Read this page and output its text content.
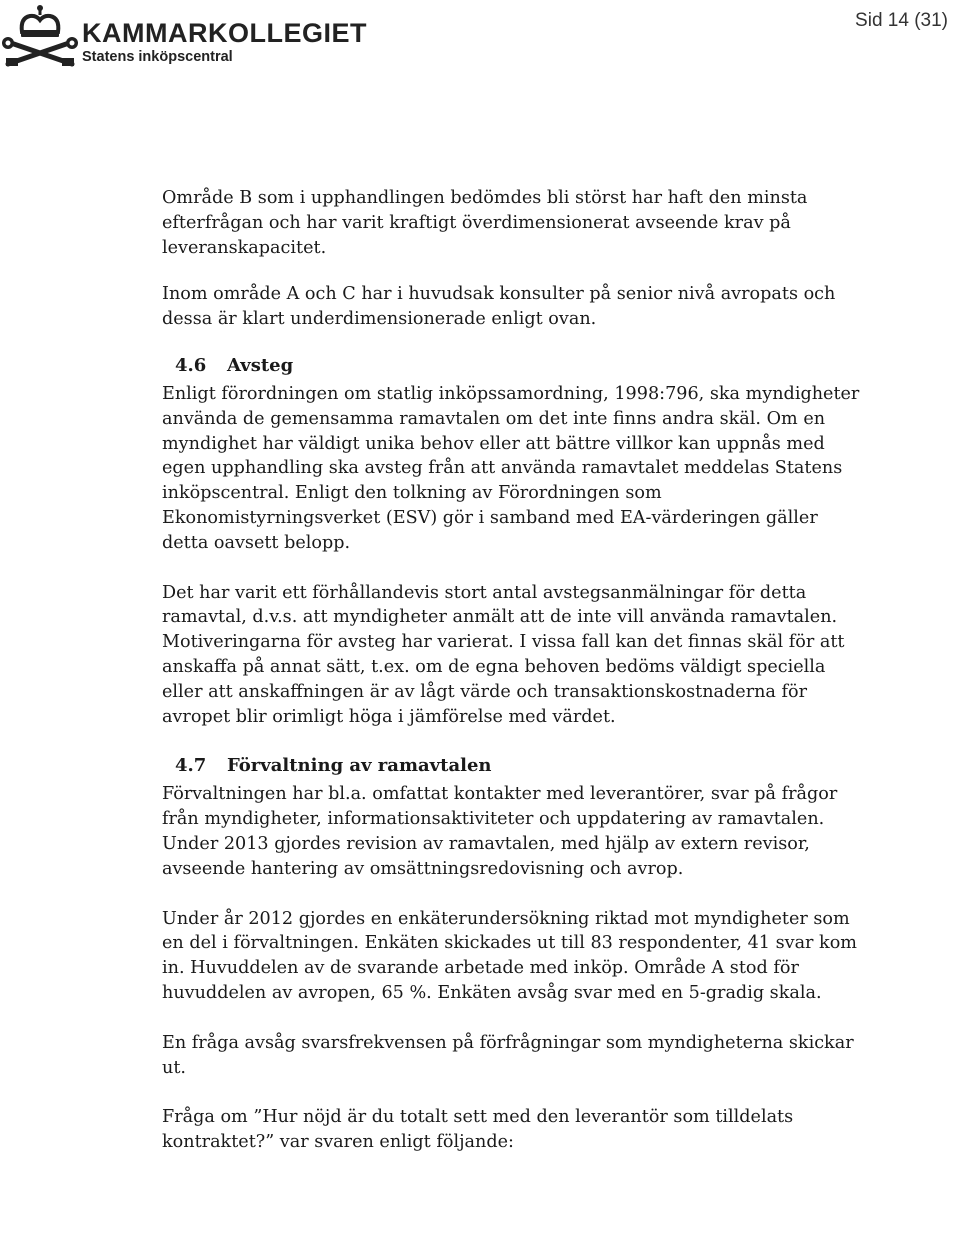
KAMMARKOLLEGIET
Statens inköpscentral
Sid 14 (31)

Område B som i upphandlingen bedömdes bli störst har haft den minsta efterfrågan och har varit kraftigt överdimensionerat avseende krav på leveranskapacitet.

Inom område A och C har i huvudsak konsulter på senior nivå avropats och dessa är klart underdimensionerade enligt ovan.

4.6 Avsteg

Enligt förordningen om statlig inköpssamordning, 1998:796, ska myndigheter använda de gemensamma ramavtalen om det inte finns andra skäl. Om en myndighet har väldigt unika behov eller att bättre villkor kan uppnås med egen upphandling ska avsteg från att använda ramavtalet meddelas Statens inköpscentral. Enligt den tolkning av Förordningen som Ekonomistyrningsverket (ESV) gör i samband med EA-värderingen gäller detta oavsett belopp.

Det har varit ett förhållandevis stort antal avstegsanmälningar för detta ramavtal, d.v.s. att myndigheter anmält att de inte vill använda ramavtalen. Motiveringarna för avsteg har varierat. I vissa fall kan det finnas skäl för att anskaffa på annat sätt, t.ex. om de egna behoven bedöms väldigt speciella eller att anskaffningen är av lågt värde och transaktionskostnaderna för avropet blir orimligt höga i jämförelse med värdet.

4.7 Förvaltning av ramavtalen

Förvaltningen har bl.a. omfattat kontakter med leverantörer, svar på frågor från myndigheter, informationsaktiviteter och uppdatering av ramavtalen. Under 2013 gjordes revision av ramavtalen, med hjälp av extern revisor, avseende hantering av omsättningsredovisning och avrop.

Under år 2012 gjordes en enkäterundersökning riktad mot myndigheter som en del i förvaltningen. Enkäten skickades ut till 83 respondenter, 41 svar kom in. Huvuddelen av de svarande arbetade med inköp. Område A stod för huvuddelen av avropen, 65 %. Enkäten avsåg svar med en 5-gradig skala.

En fråga avsåg svarsfrekvensen på förfrågningar som myndigheterna skickar ut.

Fråga om ”Hur nöjd är du totalt sett med den leverantör som tilldelats kontraktet?” var svaren enligt följande:
